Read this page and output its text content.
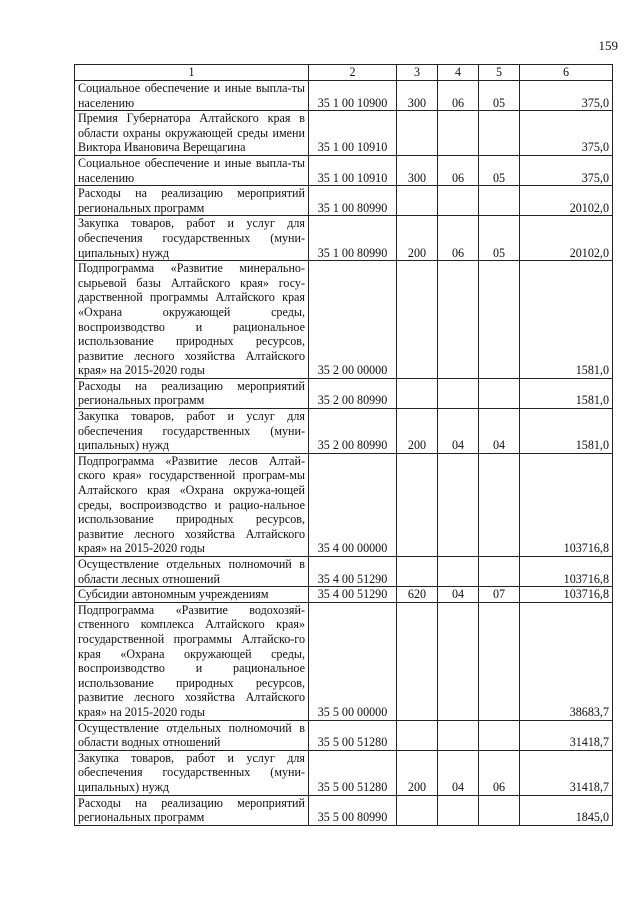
159
1	2	3	4	5	6
Социальное обеспечение и иные выпла-ты населению	35 1 00 10900	300	06	05	375,0
Премия Губернатора Алтайского края в области охраны окружающей среды имени Виктора Ивановича Верещагина	35 1 00 10910				375,0
Социальное обеспечение и иные выпла-ты населению	35 1 00 10910	300	06	05	375,0
Расходы на реализацию мероприятий региональных программ	35 1 00 80990				20102,0
Закупка товаров, работ и услуг для обеспечения государственных (муни-ципальных) нужд	35 1 00 80990	200	06	05	20102,0
Подпрограмма «Развитие минерально-сырьевой базы Алтайского края» госу-дарственной программы Алтайского края «Охрана окружающей среды, воспроизводство и рациональное использование природных ресурсов, развитие лесного хозяйства Алтайского края» на 2015-2020 годы	35 2 00 00000				1581,0
Расходы на реализацию мероприятий региональных программ	35 2 00 80990				1581,0
Закупка товаров, работ и услуг для обеспечения государственных (муни-ципальных) нужд	35 2 00 80990	200	04	04	1581,0
Подпрограмма «Развитие лесов Алтай-ского края» государственной програм-мы Алтайского края «Охрана окружа-ющей среды, воспроизводство и рацио-нальное использование природных ресурсов, развитие лесного хозяйства Алтайского края» на 2015-2020 годы	35 4 00 00000				103716,8
Осуществление отдельных полномочий в области лесных отношений	35 4 00 51290				103716,8
Субсидии автономным учреждениям	35 4 00 51290	620	04	07	103716,8
Подпрограмма «Развитие водохозяй-ственного комплекса Алтайского края» государственной программы Алтайско-го края «Охрана окружающей среды, воспроизводство и рациональное использование природных ресурсов, развитие лесного хозяйства Алтайского края» на 2015-2020 годы	35 5 00 00000				38683,7
Осуществление отдельных полномочий в области водных отношений	35 5 00 51280				31418,7
Закупка товаров, работ и услуг для обеспечения государственных (муни-ципальных) нужд	35 5 00 51280	200	04	06	31418,7
Расходы на реализацию мероприятий региональных программ	35 5 00 80990				1845,0
